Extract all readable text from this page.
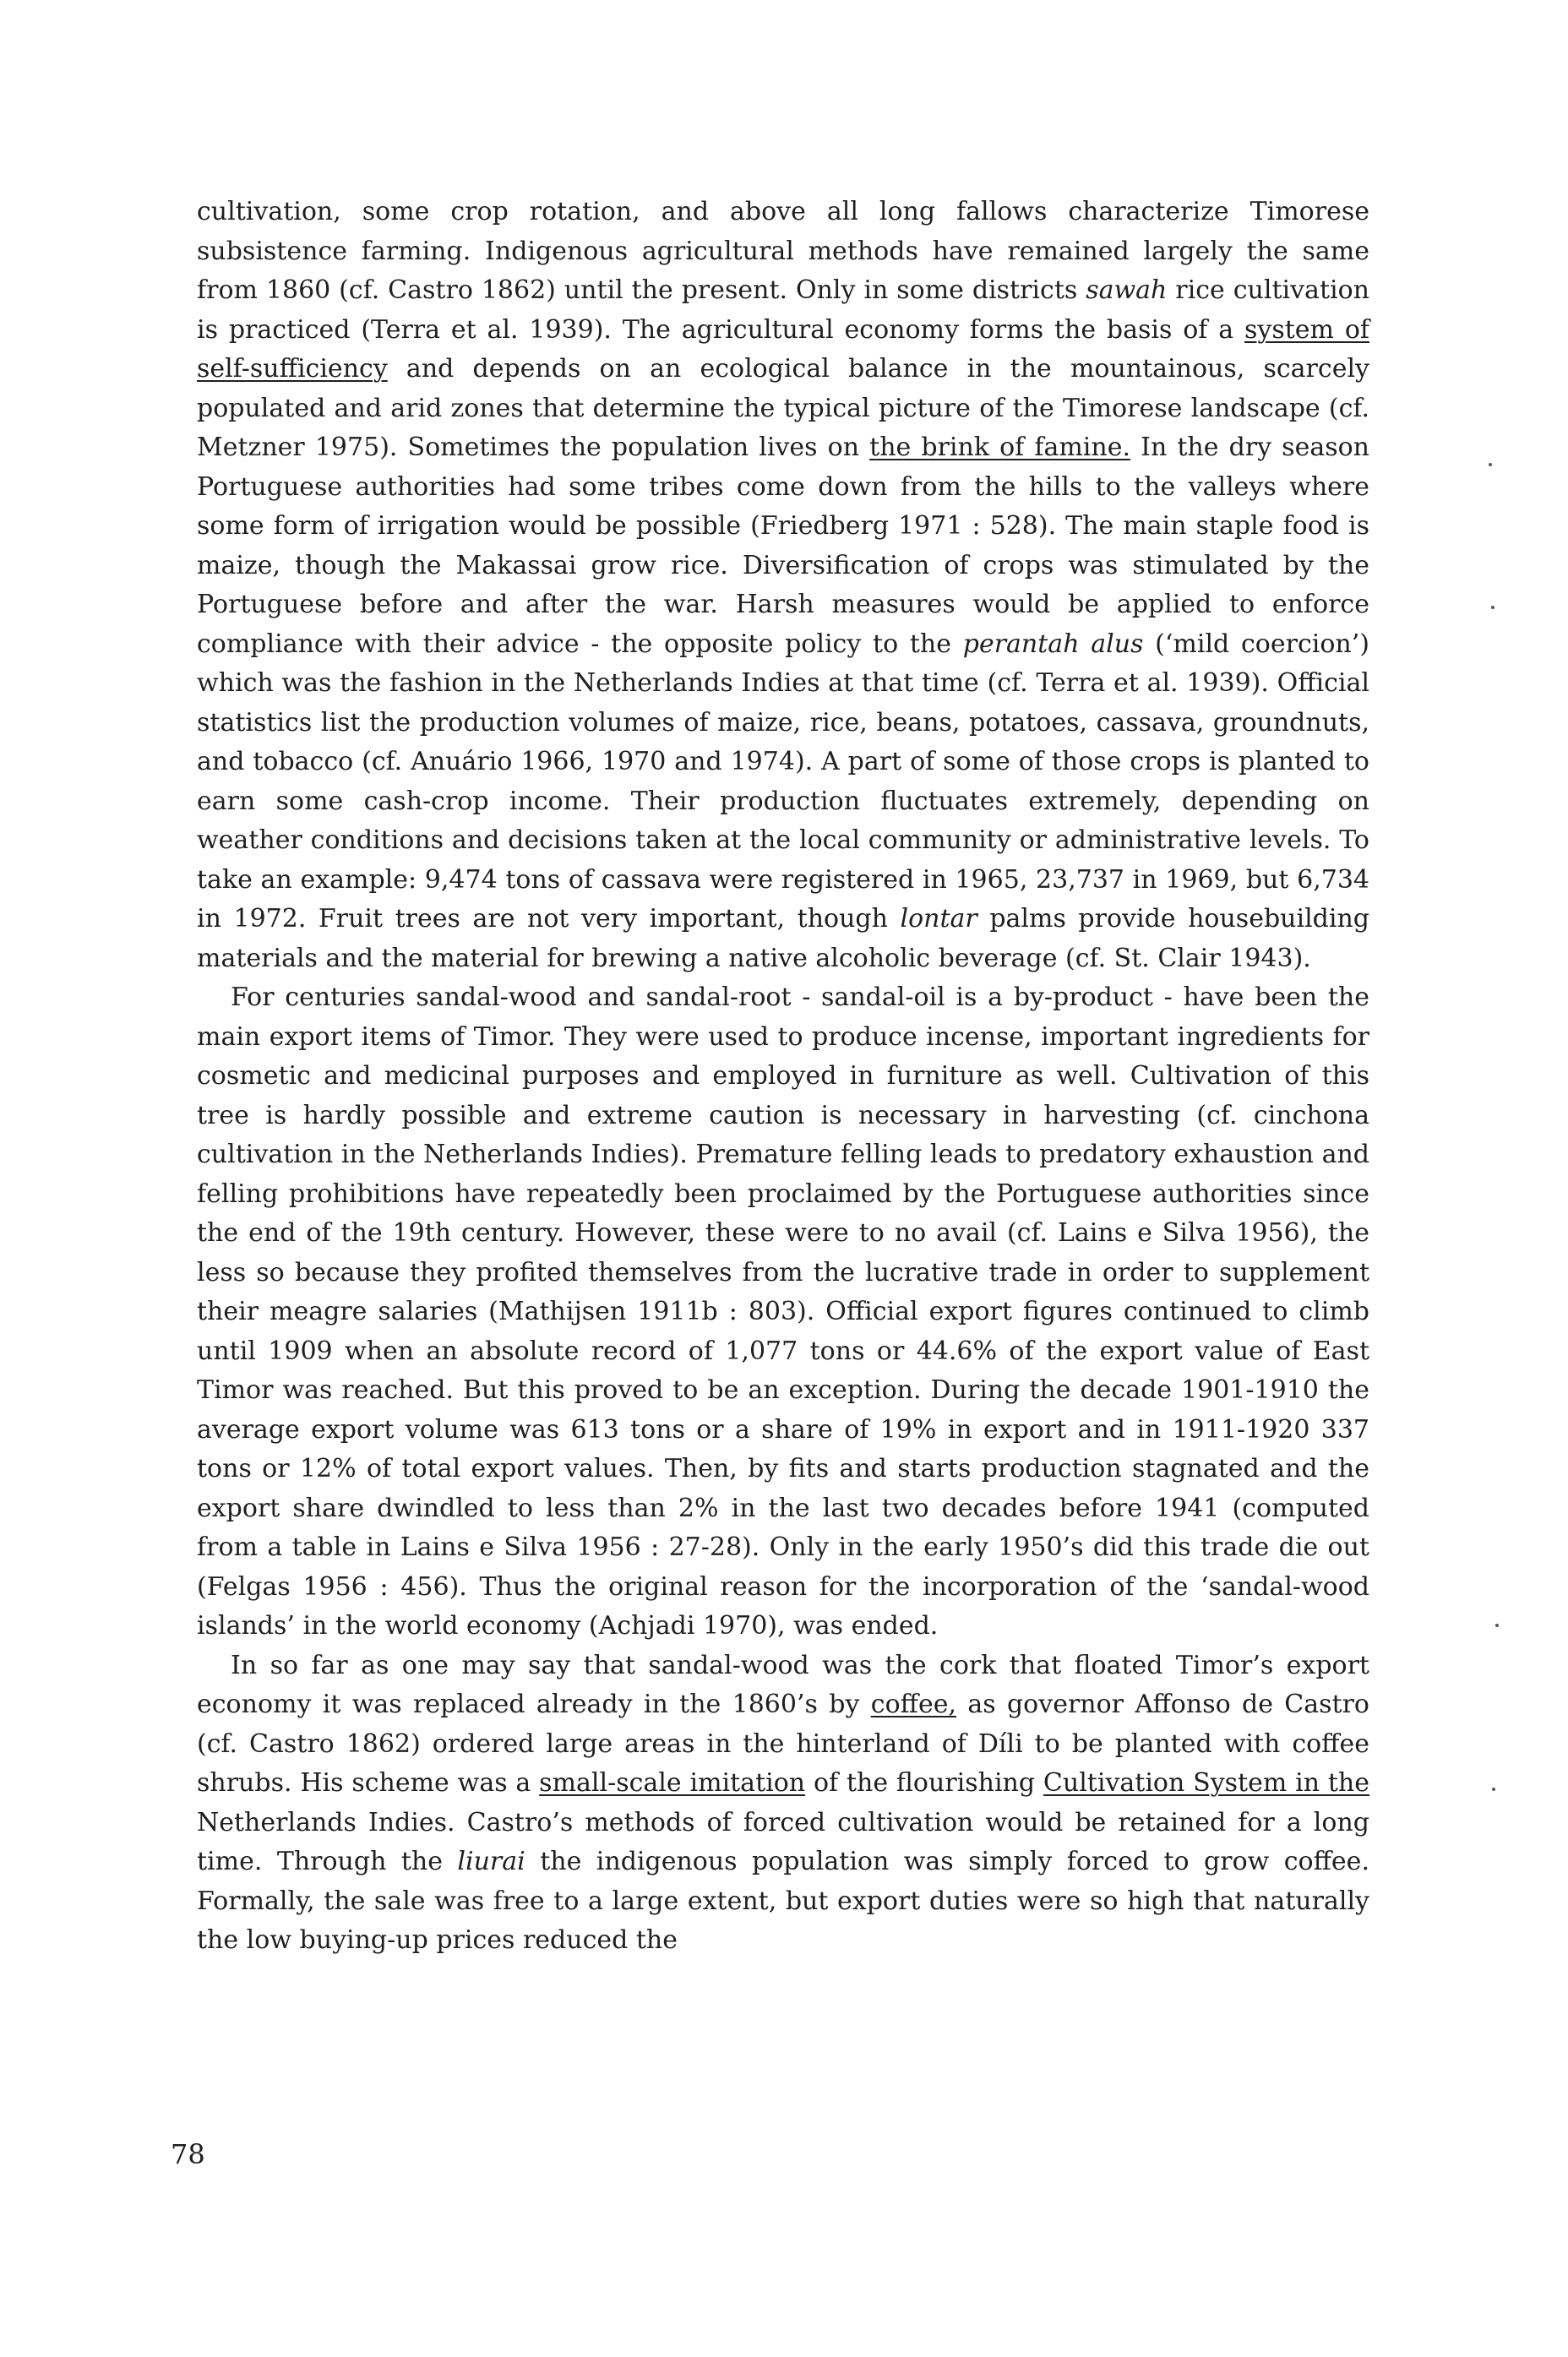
cultivation, some crop rotation, and above all long fallows characterize Timorese subsistence farming. Indigenous agricultural methods have remained largely the same from 1860 (cf. Castro 1862) until the present. Only in some districts sawah rice cultivation is practiced (Terra et al. 1939). The agricultural economy forms the basis of a system of self-sufficiency and depends on an ecological balance in the mountainous, scarcely populated and arid zones that determine the typical picture of the Timorese landscape (cf. Metzner 1975). Sometimes the population lives on the brink of famine. In the dry season Portuguese authorities had some tribes come down from the hills to the valleys where some form of irrigation would be possible (Friedberg 1971 : 528). The main staple food is maize, though the Makassai grow rice. Diversification of crops was stimulated by the Portuguese before and after the war. Harsh measures would be applied to enforce compliance with their advice - the opposite policy to the perantah alus (‘mild coercion’) which was the fashion in the Netherlands Indies at that time (cf. Terra et al. 1939). Official statistics list the production volumes of maize, rice, beans, potatoes, cassava, groundnuts, and tobacco (cf. Anuário 1966, 1970 and 1974). A part of some of those crops is planted to earn some cash-crop income. Their production fluctuates extremely, depending on weather conditions and decisions taken at the local community or administrative levels. To take an example: 9,474 tons of cassava were registered in 1965, 23,737 in 1969, but 6,734 in 1972. Fruit trees are not very important, though lontar palms provide housebuilding materials and the material for brewing a native alcoholic beverage (cf. St. Clair 1943).

For centuries sandal-wood and sandal-root - sandal-oil is a by-product - have been the main export items of Timor. They were used to produce incense, important ingredients for cosmetic and medicinal purposes and employed in furniture as well. Cultivation of this tree is hardly possible and extreme caution is necessary in harvesting (cf. cinchona cultivation in the Netherlands Indies). Premature felling leads to predatory exhaustion and felling prohibitions have repeatedly been proclaimed by the Portuguese authorities since the end of the 19th century. However, these were to no avail (cf. Lains e Silva 1956), the less so because they profited themselves from the lucrative trade in order to supplement their meagre salaries (Mathijsen 1911b : 803). Official export figures continued to climb until 1909 when an absolute record of 1,077 tons or 44.6% of the export value of East Timor was reached. But this proved to be an exception. During the decade 1901-1910 the average export volume was 613 tons or a share of 19% in export and in 1911-1920 337 tons or 12% of total export values. Then, by fits and starts production stagnated and the export share dwindled to less than 2% in the last two decades before 1941 (computed from a table in Lains e Silva 1956 : 27-28). Only in the early 1950’s did this trade die out (Felgas 1956 : 456). Thus the original reason for the incorporation of the ‘sandal-wood islands’ in the world economy (Achjadi 1970), was ended.

In so far as one may say that sandal-wood was the cork that floated Timor’s export economy it was replaced already in the 1860’s by coffee, as governor Affonso de Castro (cf. Castro 1862) ordered large areas in the hinterland of Díli to be planted with coffee shrubs. His scheme was a small-scale imitation of the flourishing Cultivation System in the Netherlands Indies. Castro’s methods of forced cultivation would be retained for a long time. Through the liurai the indigenous population was simply forced to grow coffee. Formally, the sale was free to a large extent, but export duties were so high that naturally the low buying-up prices reduced the

78
